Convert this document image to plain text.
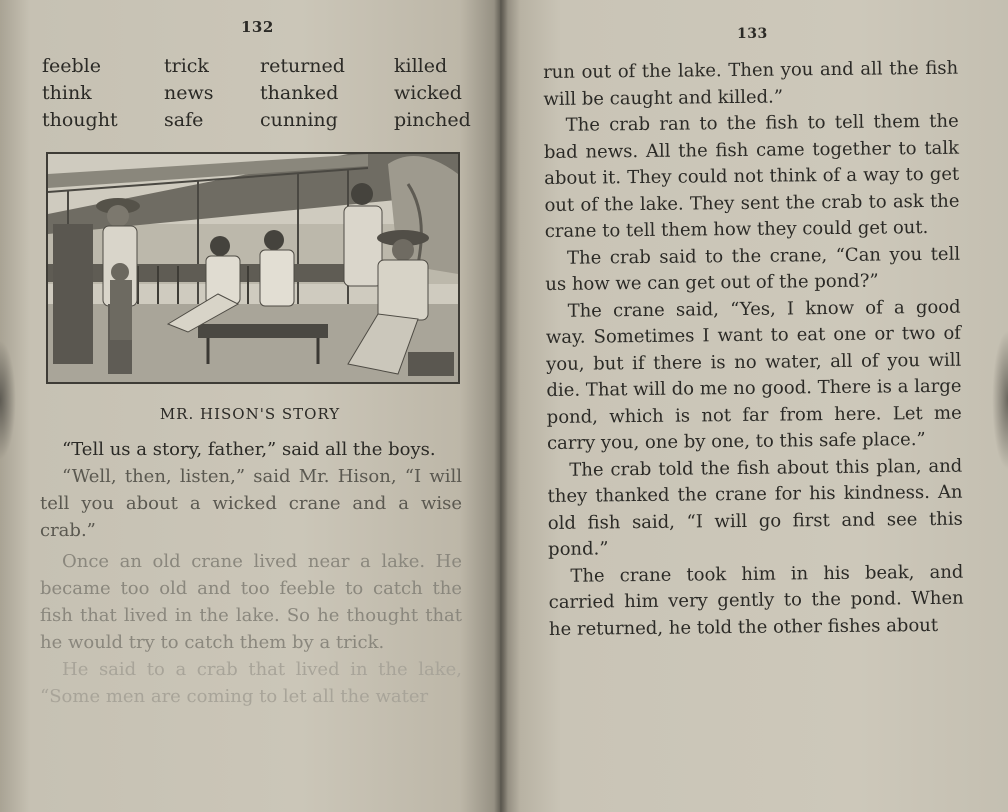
132
feeble	trick	returned	killed
think	news	thanked	wicked
thought	safe	cunning	pinched
MR. HISON'S STORY

“Tell us a story, father,” said all the boys.

“Well, then, listen,” said Mr. Hison, “I will tell you about a wicked crane and a wise crab.”

Once an old crane lived near a lake. He became too old and too feeble to catch the fish that lived in the lake. So he thought that he would try to catch them by a trick.

He said to a crab that lived in the lake, “Some men are coming to let all the water

133

run out of the lake. Then you and all the fish will be caught and killed.”

The crab ran to the fish to tell them the bad news. All the fish came together to talk about it. They could not think of a way to get out of the lake. They sent the crab to ask the crane to tell them how they could get out.

The crab said to the crane, “Can you tell us how we can get out of the pond?”

The crane said, “Yes, I know of a good way. Sometimes I want to eat one or two of you, but if there is no water, all of you will die. That will do me no good. There is a large pond, which is not far from here. Let me carry you, one by one, to this safe place.”

The crab told the fish about this plan, and they thanked the crane for his kindness. An old fish said, “I will go first and see this pond.”

The crane took him in his beak, and carried him very gently to the pond. When he returned, he told the other fishes about
